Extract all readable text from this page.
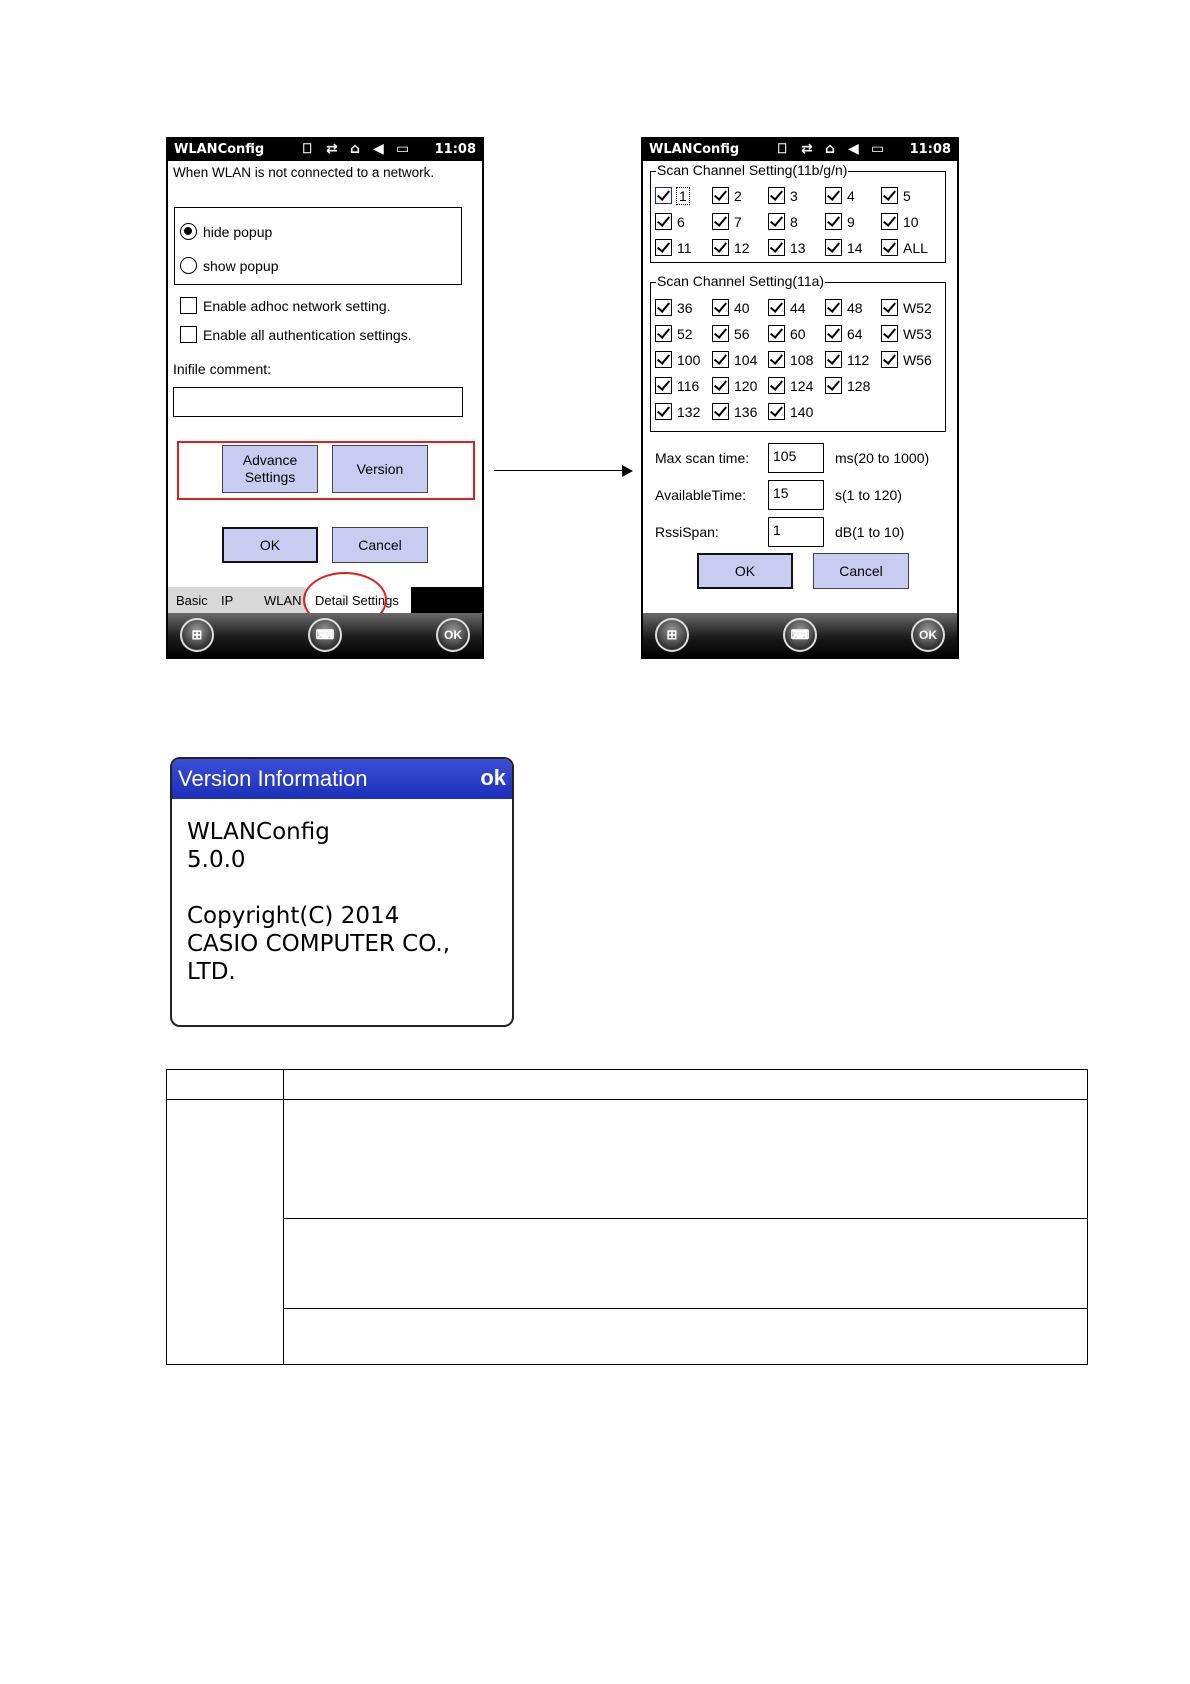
WLANConfig	⎕ ⇄ ⌂ ◀ ▭ 11:08
When WLAN is not connected to a network.
hide popup
show popup
Enable adhoc network setting.
Enable all authentication settings.
Inifile comment:
Advance
Settings
Version
OK	Cancel
Basic IP WLAN Detail Settings
⊞	⌨	OK
WLANConfig	⎕ ⇄ ⌂ ◀ ▭ 11:08
Scan Channel Setting(11b/g/n)
1	2	3	4	5
6	7	8	9	10
11	12	13	14	ALL
Scan Channel Setting(11a)
36	40	44	48	W52
52	56	60	64	W53
100 104 108 112 W56
116 120 124 128
132 136 140
Max scan time:	105	ms(20 to 1000)
AvailableTime:	15	s(1 to 120)
RssiSpan:	1	dB(1 to 10)
OK	Cancel
⊞	⌨	OK
Version Information	ok
WLANConfig
5.0.0
Copyright(C) 2014
CASIO COMPUTER CO.,
LTD.
